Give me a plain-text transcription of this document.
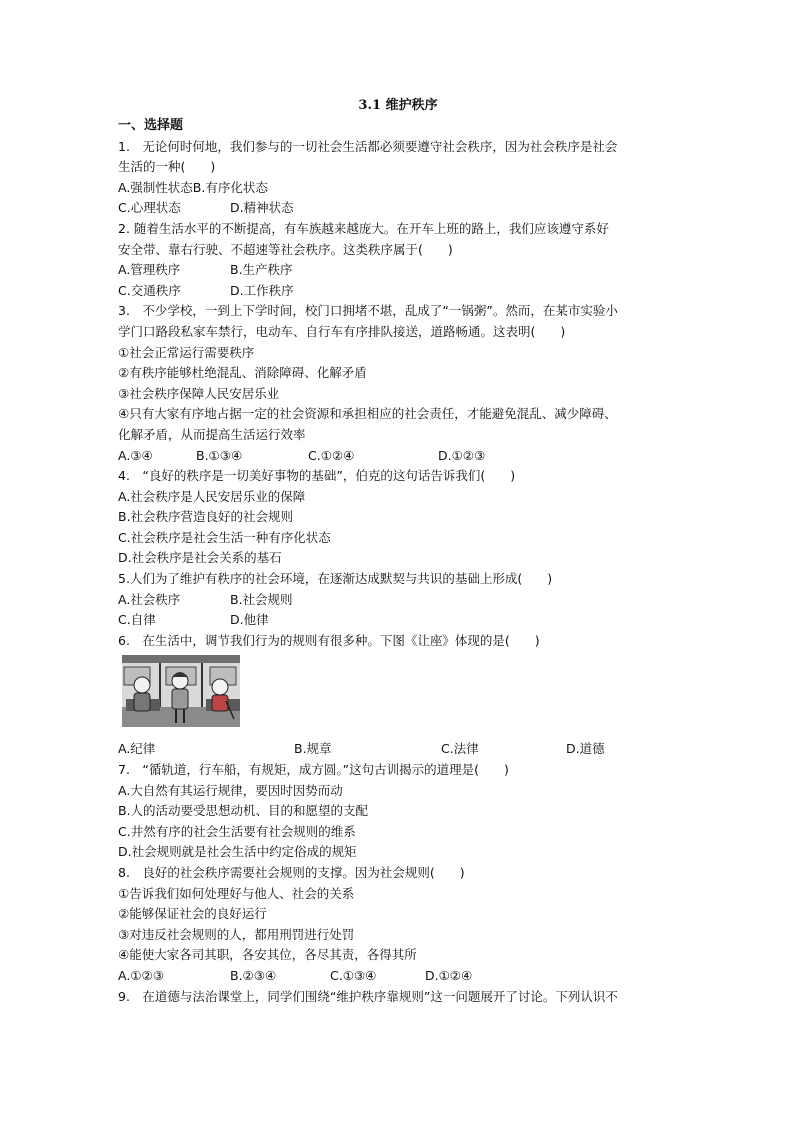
3.1 维护秩序
一、选择题
1.　无论何时何地，我们参与的一切社会生活都必须要遵守社会秩序，因为社会秩序是社会
生活的一种(　　)
A.强制性状态B.有序化状态
C.心理状态	D.精神状态
2. 随着生活水平的不断提高，有车族越来越庞大。在开车上班的路上，我们应该遵守系好
安全带、靠右行驶、不超速等社会秩序。这类秩序属于(　　)
A.管理秩序	B.生产秩序
C.交通秩序	D.工作秩序
3.　不少学校，一到上下学时间，校门口拥堵不堪，乱成了“一锅粥”。然而，在某市实验小
学门口路段私家车禁行，电动车、自行车有序排队接送，道路畅通。这表明(　　)
①社会正常运行需要秩序
②有秩序能够杜绝混乱、消除障碍、化解矛盾
③社会秩序保障人民安居乐业
④只有大家有序地占据一定的社会资源和承担相应的社会责任，才能避免混乱、减少障碍、
化解矛盾，从而提高生活运行效率
A.③④	B.①③④	C.①②④	D.①②③
4.　“良好的秩序是一切美好事物的基础”，伯克的这句话告诉我们(　　)
A.社会秩序是人民安居乐业的保障
B.社会秩序营造良好的社会规则
C.社会秩序是社会生活一种有序化状态
D.社会秩序是社会关系的基石
5.人们为了维护有秩序的社会环境，在逐渐达成默契与共识的基础上形成(　　)
A.社会秩序	B.社会规则
C.自律	D.他律
6.　在生活中，调节我们行为的规则有很多种。下图《让座》体现的是(　　)
A.纪律	B.规章	C.法律	D.道德
7.　“循轨道，行车船，有规矩，成方圆。”这句古训揭示的道理是(　　)
A.大自然有其运行规律，要因时因势而动
B.人的活动要受思想动机、目的和愿望的支配
C.井然有序的社会生活要有社会规则的维系
D.社会规则就是社会生活中约定俗成的规矩
8.　良好的社会秩序需要社会规则的支撑。因为社会规则(　　)
①告诉我们如何处理好与他人、社会的关系
②能够保证社会的良好运行
③对违反社会规则的人，都用刑罚进行处罚
④能使大家各司其职，各安其位，各尽其责，各得其所
A.①②③	B.②③④	C.①③④	D.①②④
9.　在道德与法治课堂上，同学们围绕“维护秩序靠规则”这一问题展开了讨论。下列认识不
